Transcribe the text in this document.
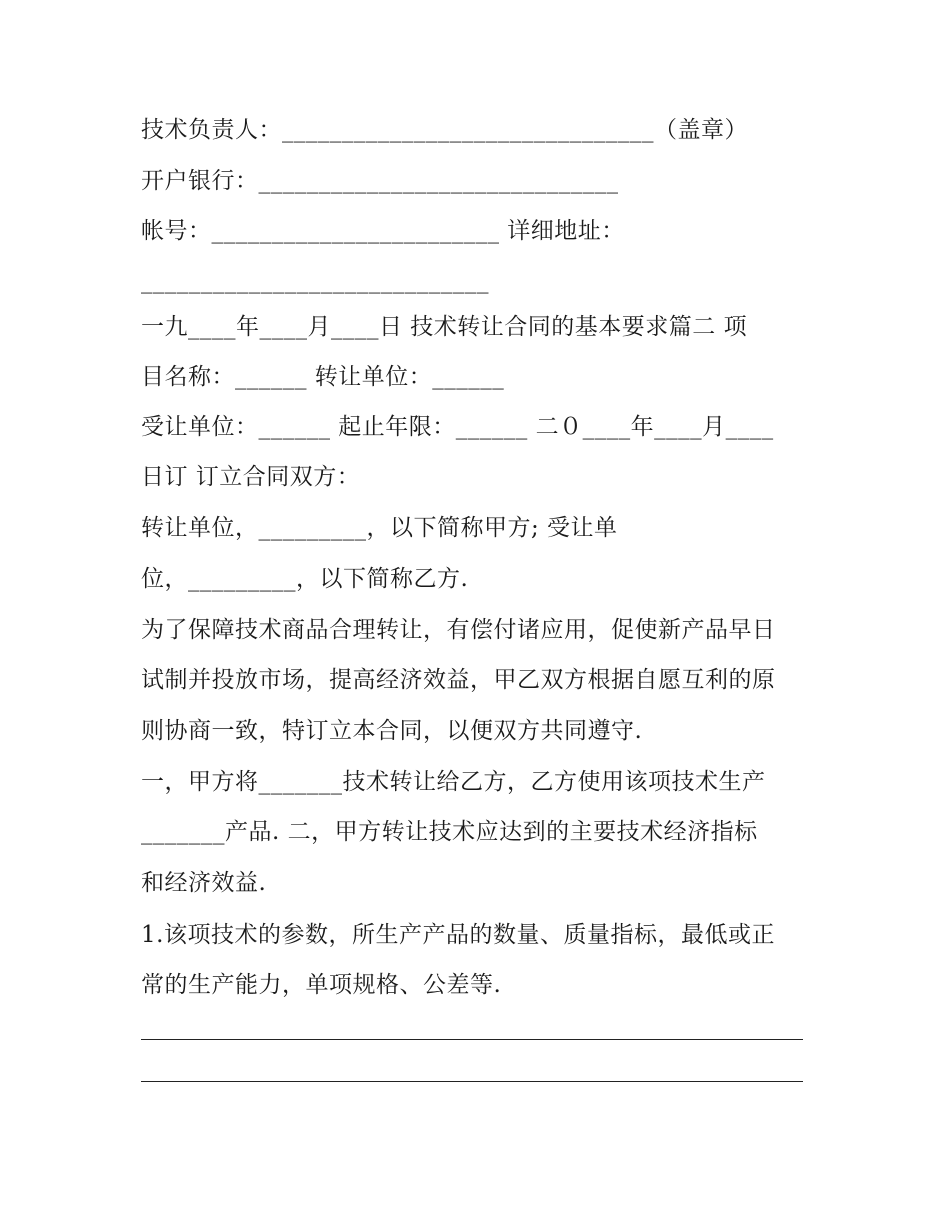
技术负责人：_______________________________（盖章）
开户银行：______________________________
帐号：________________________ 详细地址：
_____________________________
一九____年____月____日 技术转让合同的基本要求篇二 项
目名称：______ 转让单位：______
受让单位：______ 起止年限：______ 二０____年____月____
日订 订立合同双方：
转让单位，_________，以下简称甲方; 受让单
位，_________，以下简称乙方.
为了保障技术商品合理转让，有偿付诸应用，促使新产品早日
试制并投放市场，提高经济效益，甲乙双方根据自愿互利的原
则协商一致，特订立本合同，以便双方共同遵守.
一，甲方将_______技术转让给乙方，乙方使用该项技术生产
_______产品. 二，甲方转让技术应达到的主要技术经济指标
和经济效益.
1.该项技术的参数，所生产产品的数量、质量指标，最低或正
常的生产能力，单项规格、公差等.
